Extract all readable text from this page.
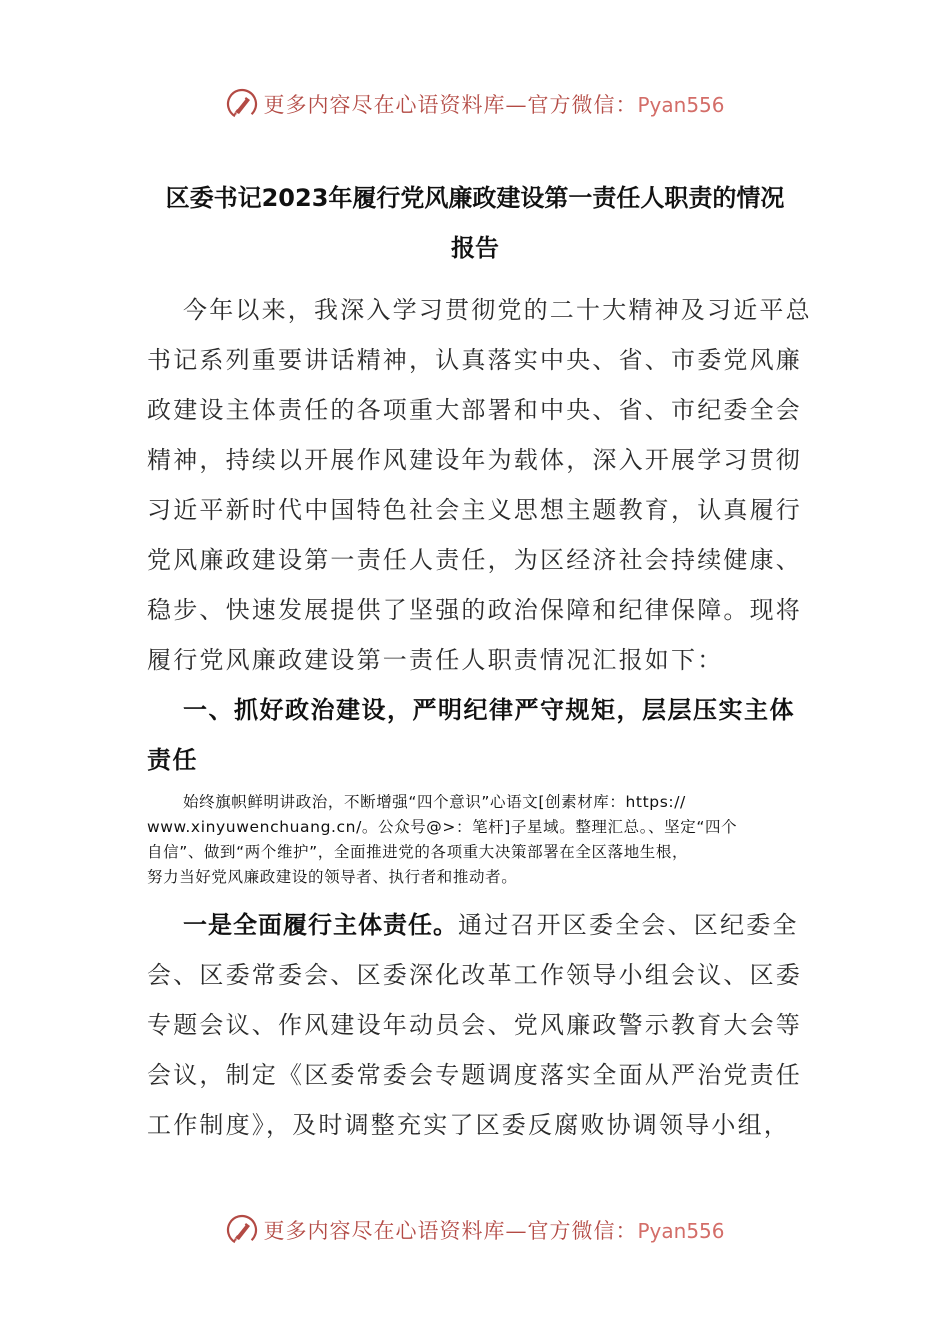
更多内容尽在心语资料库—官方微信：Pyan556
区委书记2023年履行党风廉政建设第一责任人职责的情况
报告
今年以来，我深入学习贯彻党的二十大精神及习近平总
书记系列重要讲话精神，认真落实中央、省、市委党风廉
政建设主体责任的各项重大部署和中央、省、市纪委全会
精神，持续以开展作风建设年为载体，深入开展学习贯彻
习近平新时代中国特色社会主义思想主题教育，认真履行
党风廉政建设第一责任人责任，为区经济社会持续健康、
稳步、快速发展提供了坚强的政治保障和纪律保障。现将
履行党风廉政建设第一责任人职责情况汇报如下：
一、抓好政治建设，严明纪律严守规矩，层层压实主体
责任
始终旗帜鲜明讲政治，不断增强“四个意识”心语文[创素材库：https://
www.xinyuwenchuang.cn/。公众号@>：笔杆]子星域。整理汇总。、坚定“四个
自信”、做到“两个维护”，全面推进党的各项重大决策部署在全区落地生根，
努力当好党风廉政建设的领导者、执行者和推动者。
一是全面履行主体责任。通过召开区委全会、区纪委全
会、区委常委会、区委深化改革工作领导小组会议、区委
专题会议、作风建设年动员会、党风廉政警示教育大会等
会议，制定《区委常委会专题调度落实全面从严治党责任
工作制度》，及时调整充实了区委反腐败协调领导小组，
更多内容尽在心语资料库—官方微信：Pyan556
